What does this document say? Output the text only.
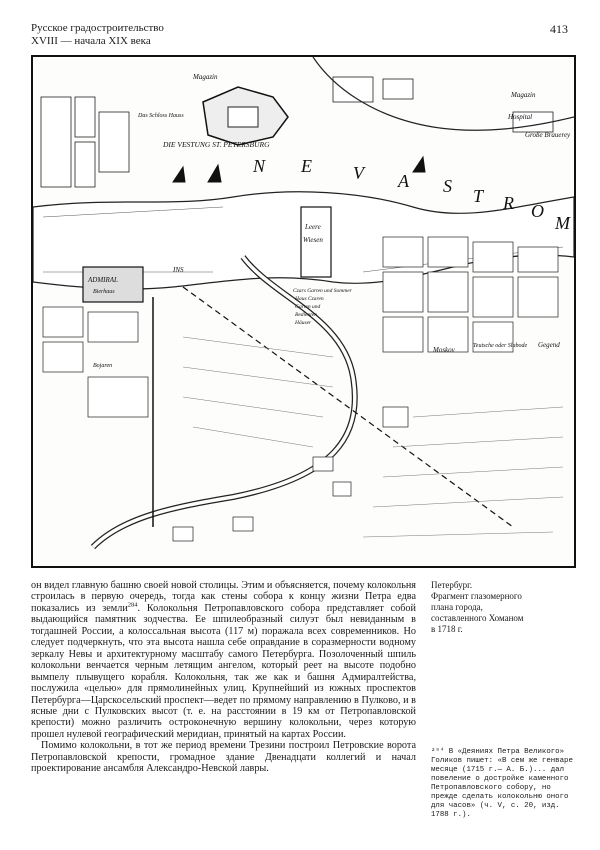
Русское градостроительство
XVIII — начала XIX века
413
Magazin
Das Schloss Hauss
DIE VESTUNG ST. PETERSBURG
Magazin
Hospital
Große Brauerey
N E V A S T R O
M
Leere
Wiesen
ADMIRAL
Bierhaus
INS
Czars Garten und Sommer
Haus Czaren
Garten und
Bedienten
Häuser
Moskov	Teutsche oder Slabode Gegend
Bojaren

он видел главную башню своей новой столицы. Этим и объясняется, почему колокольня строилась в первую очередь, тогда как стены собора к концу жизни Петра едва показались из земли$^{284}$. Колокольня Петропавловского собора представляет собой выдающийся памятник зодчества. Ее шпилеобразный силуэт был невиданным в тогдашней России, а колоссальная высота (117 м) поражала всех современников. Но следует подчеркнуть, что эта высота нашла себе оправдание в соразмерности водному зеркалу Невы и архитектурному масштабу самого Петербурга. Позолоченный шпиль колокольни венчается черным летящим ангелом, который реет на высоте подобно вымпелу плывущего корабля. Колокольня, так же как и башня Адмиралтейства, послужила «целью» для прямолинейных улиц. Крупнейший из южных проспектов Петербурга—Царскосельский проспект—ведет по прямому направлению в Пулково, и в ясные дни с Пулковских высот (т. е. на расстоянии в 19 км от Петропавловской крепости) можно различить остроконечную вершину колокольни, через которую прошел нулевой географический меридиан, принятый на картах России.

Помимо колокольни, в тот же период времени Трезини построил Петровские ворота Петропавловской крепости, громадное здание Двенадцати коллегий и начал проектирование ансамбля Александро-Невской лавры.

Петербург.
Фрагмент глазомерного
плана города,
составленного Хоманом
в 1718 г.
²⁸⁴ В «Деяниях Петра Великого» Голиков пишет: «В сем же генваре месяце (1715 г.— А. Б.)... дал повеление о достройке каменного Петропавловского собору, но прежде сделать колокольню оного для часов» (ч. V, с. 20, изд. 1788 г.).
